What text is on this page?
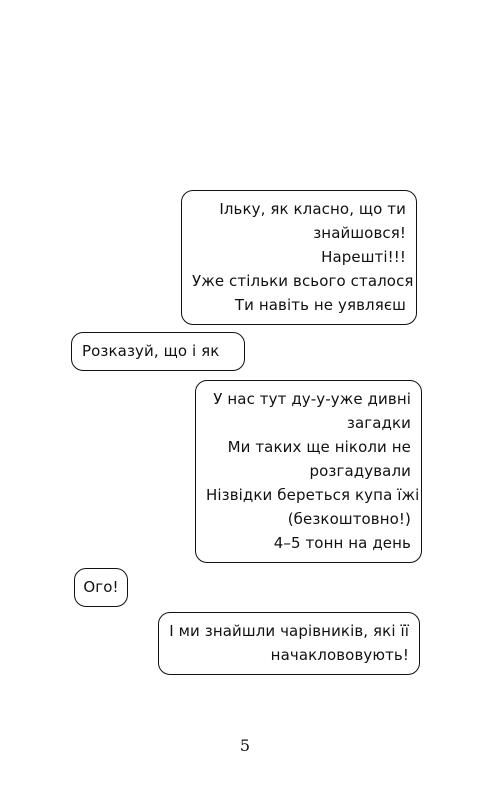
Ільку, як класно, що ти
знайшовся!
Нарешті!!!
Уже стільки всього сталося
Ти навіть не уявляєш
Розказуй, що і як
У нас тут ду-у-уже дивні
загадки
Ми таких ще ніколи не
розгадували
Нізвідки береться купа їжі
(безкоштовно!)
4–5 тонн на день
Ого!
І ми знайшли чарівників, які її
начаклововують!
5
